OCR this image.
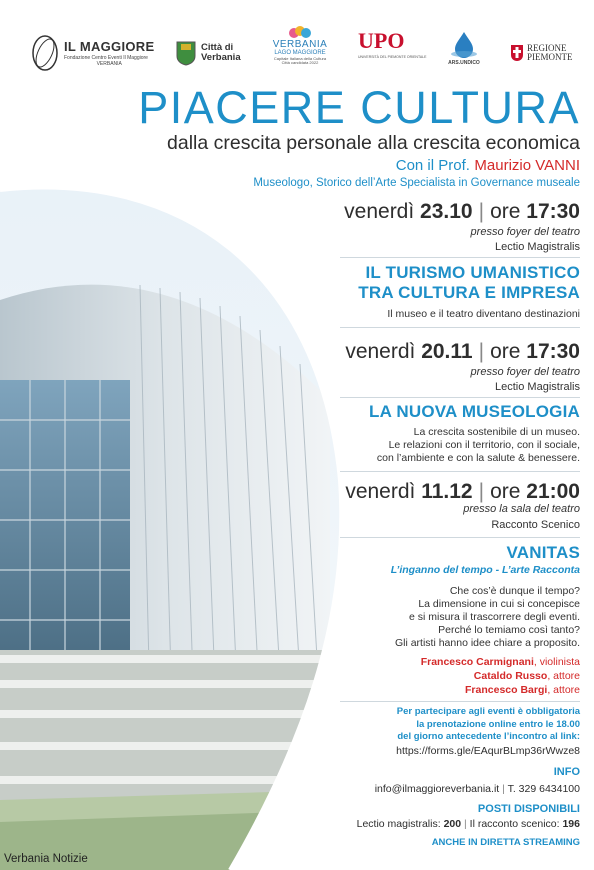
IL MAGGIORE
Fondazione Centro Eventi Il Maggiore
VERBANIA
Città di
Verbania
VERBANIA
LAGO MAGGIORE
Capitale Italiana della Cultura
Città candidata 2022
UPO
UNIVERSITÀ DEL PIEMONTE ORIENTALE
ARS.UNDICO
REGIONE
PIEMONTE
PIACERE CULTURA
dalla crescita personale alla crescita economica
Con il Prof. Maurizio VANNI
Museologo, Storico dell’Arte Specialista in Governance museale
venerdì 23.10 | ore 17:30
presso foyer del teatro
Lectio Magistralis
IL TURISMO UMANISTICO
TRA CULTURA E IMPRESA
Il museo e il teatro diventano destinazioni
venerdì 20.11 | ore 17:30
presso foyer del teatro
Lectio Magistralis
LA NUOVA MUSEOLOGIA
La crescita sostenibile di un museo.
Le relazioni con il territorio, con il sociale,
con l’ambiente e con la salute & benessere.
venerdì 11.12 | ore 21:00
presso la sala del teatro
Racconto Scenico
VANITAS
L’inganno del tempo - L’arte Racconta
Che cos’è dunque il tempo?
La dimensione in cui si concepisce
e si misura il trascorrere degli eventi.
Perché lo temiamo così tanto?
Gli artisti hanno idee chiare a proposito.
Francesco Carmignani, violinista
Cataldo Russo, attore
Francesco Bargi, attore
Per partecipare agli eventi è obbligatoria
la prenotazione online entro le 18.00
del giorno antecedente l’incontro al link:
https://forms.gle/EAqurBLmp36rWwze8
INFO
info@ilmaggioreverbania.it | T. 329 6434100
POSTI DISPONIBILI
Lectio magistralis: 200 | Il racconto scenico: 196
ANCHE IN DIRETTA STREAMING
Verbania Notizie
